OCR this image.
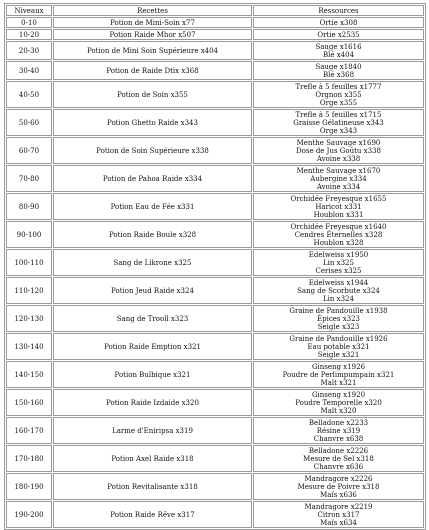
Niveaux	Recettes	Ressources
0-10	Potion de Mini-Soin x77	Ortie x308

10-20	Potion Raide Mhor x507	Ortie x2535

20-30	Potion de Mini Soin Supérieure x404	Sauge x1616
Blé x404

30-40	Potion de Raide Dtix x368	Sauge x1840
Blé x368

40-50	Potion de Soin x355	Trefle à 5 feuilles x1777
Orgnon x355
Orge x355

50-60	Potion Ghetto Raide x343	Trefle à 5 feuilles x1715
Graisse Gélatineuse x343
Orge x343

60-70	Potion de Soin Supérieure x338	Menthe Sauvage x1690
Dose de Jus Goûtu x338
Avoine x338

70-80	Potion de Pahoa Raide x334	Menthe Sauvage x1670
Aubergine x334
Avoine x334

80-90	Potion Eau de Fée x331	Orchidée Freyesque x1655
Haricot x331
Houblon x331

90-100	Potion Raide Boule x328	Orchidée Freyesque x1640
Cendres Éternelles x328
Houblon x328

100-110	Sang de Likrone x325	Edelweiss x1950
Lin x325
Cerises x325

110-120	Potion Jeud Raide x324	Edelweiss x1944
Sang de Scorbute x324
Lin x324

120-130	Sang de Trooll x323	Graine de Pandouille x1938
Épices x323
Seigle x323

130-140	Potion Raide Emption x321	Graine de Pandouille x1926
Eau potable x321
Seigle x321

140-150	Potion Bulbique x321	Ginseng x1926
Poudre de Perlimpumpain x321
Malt x321

150-160	Potion Raide Izdaide x320	Ginseng x1920
Poudre Temporelle x320
Malt x320

160-170	Larme d'Eniripsa x319	Belladone x2233
Résine x319
Chanvre x638

170-180	Potion Axel Raide x318	Belladone x2226
Mesure de Sel x318
Chanvre x636

180-190	Potion Revitalisante x318	Mandragore x2226
Mesure de Poivre x318
Maïs x636

190-200	Potion Raide Rêve x317	Mandragore x2219
Citron x317
Maïs x634
